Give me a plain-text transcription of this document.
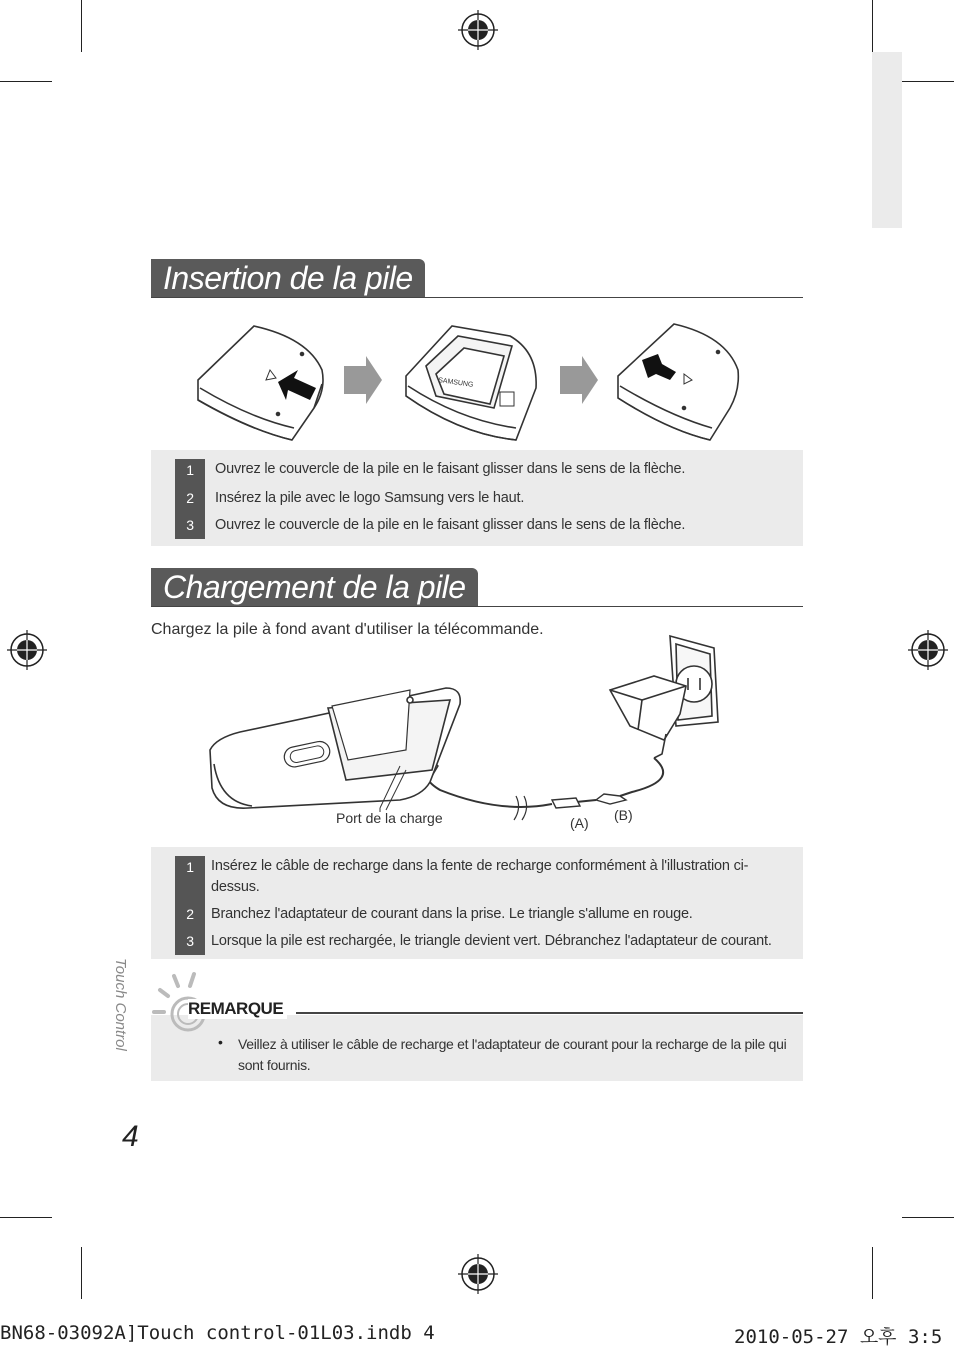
Insertion de la pile
SAMSUNG
1	Ouvrez le couvercle de la pile en le faisant glisser dans le sens de la flèche.
2	Insérez la pile avec le logo Samsung vers le haut.
3	Ouvrez le couvercle de la pile en le faisant glisser dans le sens de la flèche.
Chargement de la pile
Chargez la pile à fond avant d'utiliser la télécommande.
Port de la charge	(A) (B)
1	Insérez le câble de recharge dans la fente de recharge conformément à l'illustration ci-dessus.
2	Branchez l'adaptateur de courant dans la prise. Le triangle s'allume en rouge.
3	Lorsque la pile est rechargée, le triangle devient vert. Débranchez l'adaptateur de courant.
REMARQUE
• Veillez à utiliser le câble de recharge et l'adaptateur de courant pour la recharge de la pile qui sont fournis.
Touch Control
4
BN68-03092A]Touch control-01L03.indb 4	2010-05-27 오후 3:5
